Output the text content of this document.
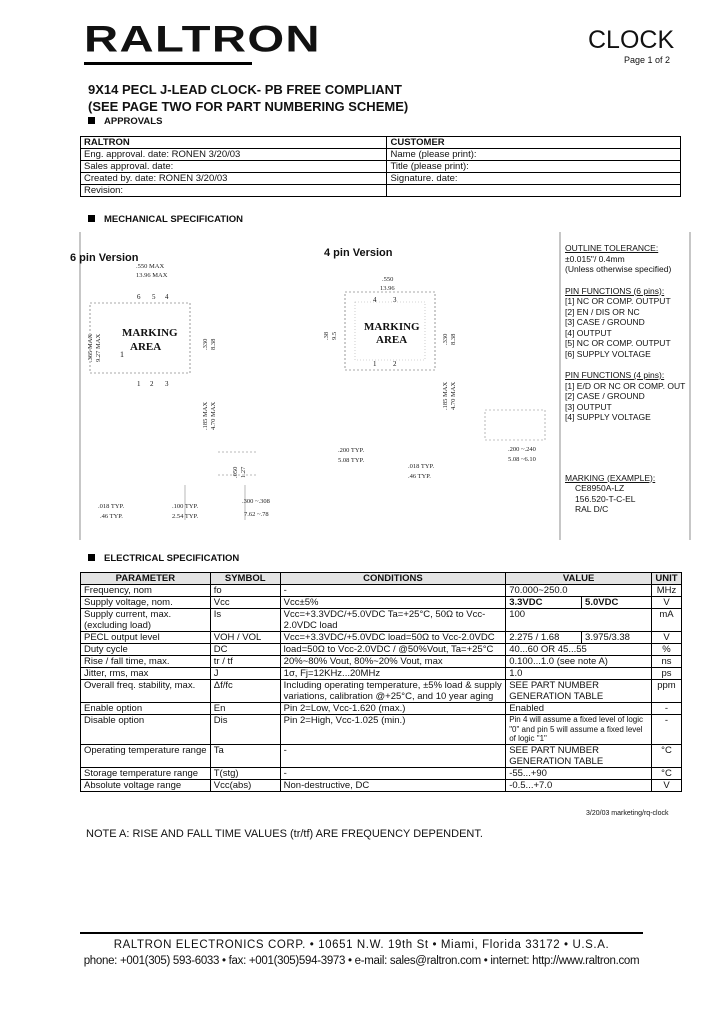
RALTRON	CLOCK
Page 1 of 2
9X14 PECL J-LEAD CLOCK- PB FREE COMPLIANT
(SEE PAGE TWO FOR PART NUMBERING SCHEME)
APPROVALS
RALTRON	CUSTOMER
Eng. approval. date: RONEN 3/20/03	Name (please print):
Sales approval. date:	Title (please print):
Created by. date: RONEN 3/20/03	Signature. date:
Revision:	
MECHANICAL SPECIFICATION
6 pin Version
MARKING
AREA
6 5 4
1 2 3
1
.550 MAX
13.96 MAX
.365 MAX 9.27 MAX	.330 8.38
.185 MAX 4.70 MAX
.050 1.27
.018 TYP.
.46 TYP.
.100 TYP.
2.54 TYP.
.300 ~.308
7.62 ~.78
4 pin Version
MARKING
AREA
4 3
1 2
.550
13.96
.38 9.5	.330 8.38
.185 MAX 4.70 MAX
.200 TYP.
5.08 TYP.
.018 TYP.
.46 TYP.
.200 ~.240
5.08 ~6.10
OUTLINE TOLERANCE:
±0.015"/ 0.4mm
(Unless otherwise specified)
PIN FUNCTIONS (6 pins):
[1] NC OR COMP. OUTPUT
[2] EN / DIS OR NC
[3] CASE / GROUND
[4] OUTPUT
[5] NC OR COMP. OUTPUT
[6] SUPPLY VOLTAGE
PIN FUNCTIONS (4 pins):
[1] E/D OR NC OR COMP. OUT
[2] CASE / GROUND
[3] OUTPUT
[4] SUPPLY VOLTAGE
MARKING (EXAMPLE):
CE8950A-LZ
156.520-T-C-EL
RAL D/C
ELECTRICAL SPECIFICATION
PARAMETER	SYMBOL	CONDITIONS	VALUE		UNIT
Frequency, nom	fo	-	70.000~250.0		MHz
Supply voltage, nom.	Vcc	Vcc±5%	3.3VDC	5.0VDC	V
Supply current, max. (excluding load)	Is	Vcc=+3.3VDC/+5.0VDC Ta=+25°C, 50Ω to Vcc-2.0VDC load	100		mA
PECL output level	VOH / VOL	Vcc=+3.3VDC/+5.0VDC load=50Ω to Vcc-2.0VDC	2.275 / 1.68	3.975/3.38	V
Duty cycle	DC	load=50Ω to Vcc-2.0VDC / @50%Vout, Ta=+25°C	40...60 OR 45...55		%
Rise / fall time, max.	tr / tf	20%~80% Vout, 80%~20% Vout, max	0.100...1.0 (see note A)		ns
Jitter, rms, max	J	1σ, Fj=12KHz...20MHz	1.0		ps
Overall freq. stability, max.	Δf/fc	Including operating temperature, ±5% load & supply variations, calibration @+25°C, and 10 year aging	SEE PART NUMBER GENERATION TABLE		ppm
Enable option	En	Pin 2=Low, Vcc-1.620 (max.)	Enabled		-
Disable option	Dis	Pin 2=High, Vcc-1.025 (min.)	Pin 4 will assume a fixed level of logic "0" and pin 5 will assume a fixed level of logic "1"		-
Operating temperature range	Ta	-	SEE PART NUMBER GENERATION TABLE		°C
Storage temperature range	T(stg)	-	-55...+90		°C
Absolute voltage range	Vcc(abs)	Non-destructive, DC	-0.5...+7.0		V
3/20/03 marketing/rq-clock
NOTE A: RISE AND FALL TIME VALUES (tr/tf) ARE FREQUENCY DEPENDENT.
RALTRON ELECTRONICS CORP. • 10651 N.W. 19th St • Miami, Florida 33172 • U.S.A.
phone: +001(305) 593-6033 • fax: +001(305)594-3973 • e-mail: sales@raltron.com • internet: http://www.raltron.com
